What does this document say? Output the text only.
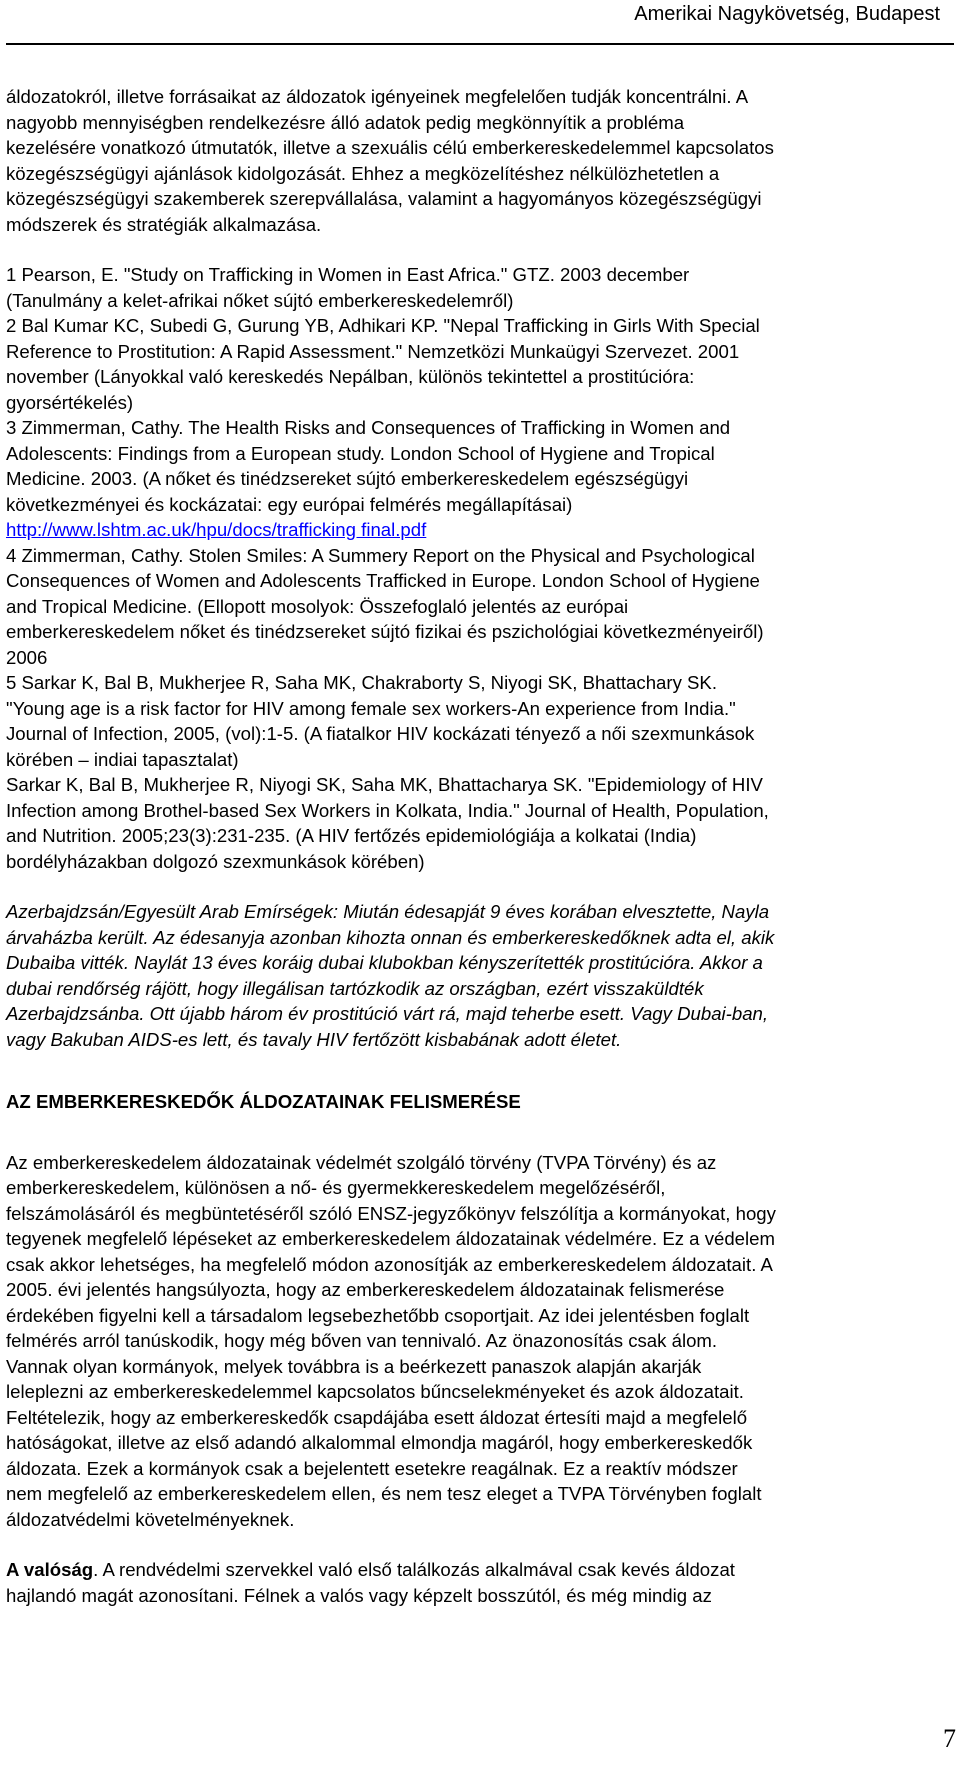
Amerikai Nagykövetség, Budapest

áldozatokról, illetve forrásaikat az áldozatok igényeinek megfelelően tudják koncentrálni. A

nagyobb mennyiségben rendelkezésre álló adatok pedig megkönnyítik a probléma

kezelésére vonatkozó útmutatók, illetve a szexuális célú emberkereskedelemmel kapcsolatos

közegészségügyi ajánlások kidolgozását. Ehhez a megközelítéshez nélkülözhetetlen a

közegészségügyi szakemberek szerepvállalása, valamint a hagyományos közegészségügyi

módszerek és stratégiák alkalmazása.

1 Pearson, E. "Study on Trafficking in Women in East Africa." GTZ. 2003 december

(Tanulmány a kelet-afrikai nőket sújtó emberkereskedelemről)

2 Bal Kumar KC, Subedi G, Gurung YB, Adhikari KP. "Nepal Trafficking in Girls With Special

Reference to Prostitution: A Rapid Assessment." Nemzetközi Munkaügyi Szervezet. 2001

november (Lányokkal való kereskedés Nepálban, különös tekintettel a prostitúcióra:

gyorsértékelés)

3 Zimmerman, Cathy. The Health Risks and Consequences of Trafficking in Women and

Adolescents: Findings from a European study. London School of Hygiene and Tropical

Medicine. 2003. (A nőket és tinédzsereket sújtó emberkereskedelem egészségügyi

következményei és kockázatai: egy európai felmérés megállapításai)

http://www.lshtm.ac.uk/hpu/docs/trafficking final.pdf

4 Zimmerman, Cathy. Stolen Smiles: A Summery Report on the Physical and Psychological

Consequences of Women and Adolescents Trafficked in Europe. London School of Hygiene

and Tropical Medicine. (Ellopott mosolyok: Összefoglaló jelentés az európai

emberkereskedelem nőket és tinédzsereket sújtó fizikai és pszichológiai következményeiről)

2006

5 Sarkar K, Bal B, Mukherjee R, Saha MK, Chakraborty S, Niyogi SK, Bhattachary SK.

"Young age is a risk factor for HIV among female sex workers-An experience from India."

Journal of Infection, 2005, (vol):1-5. (A fiatalkor HIV kockázati tényező a női szexmunkások

körében – indiai tapasztalat)

Sarkar K, Bal B, Mukherjee R, Niyogi SK, Saha MK, Bhattacharya SK. "Epidemiology of HIV

Infection among Brothel-based Sex Workers in Kolkata, India." Journal of Health, Population,

and Nutrition. 2005;23(3):231-235. (A HIV fertőzés epidemiológiája a kolkatai (India)

bordélyházakban dolgozó szexmunkások körében)

Azerbajdzsán/Egyesült Arab Emírségek: Miután édesapját 9 éves korában elvesztette, Nayla

árvaházba került. Az édesanyja azonban kihozta onnan és emberkereskedőknek adta el, akik

Dubaiba vitték. Naylát 13 éves koráig dubai klubokban kényszerítették prostitúcióra. Akkor a

dubai rendőrség rájött, hogy illegálisan tartózkodik az országban, ezért visszaküldték

Azerbajdzsánba. Ott újabb három év prostitúció várt rá, majd teherbe esett. Vagy Dubai-ban,

vagy Bakuban AIDS-es lett, és tavaly HIV fertőzött kisbabának adott életet.

AZ EMBERKERESKEDŐK ÁLDOZATAINAK FELISMERÉSE

Az emberkereskedelem áldozatainak védelmét szolgáló törvény (TVPA Törvény) és az

emberkereskedelem, különösen a nő- és gyermekkereskedelem megelőzéséről,

felszámolásáról és megbüntetéséről szóló ENSZ-jegyzőkönyv felszólítja a kormányokat, hogy

tegyenek megfelelő lépéseket az emberkereskedelem áldozatainak védelmére. Ez a védelem

csak akkor lehetséges, ha megfelelő módon azonosítják az emberkereskedelem áldozatait. A

2005. évi jelentés hangsúlyozta, hogy az emberkereskedelem áldozatainak felismerése

érdekében figyelni kell a társadalom legsebezhetőbb csoportjait. Az idei jelentésben foglalt

felmérés arról tanúskodik, hogy még bőven van tennivaló. Az önazonosítás csak álom.

Vannak olyan kormányok, melyek továbbra is a beérkezett panaszok alapján akarják

leleplezni az emberkereskedelemmel kapcsolatos bűncselekményeket és azok áldozatait.

Feltételezik, hogy az emberkereskedők csapdájába esett áldozat értesíti majd a megfelelő

hatóságokat, illetve az első adandó alkalommal elmondja magáról, hogy emberkereskedők

áldozata. Ezek a kormányok csak a bejelentett esetekre reagálnak. Ez a reaktív módszer

nem megfelelő az emberkereskedelem ellen, és nem tesz eleget a TVPA Törvényben foglalt

áldozatvédelmi követelményeknek.

A valóság. A rendvédelmi szervekkel való első találkozás alkalmával csak kevés áldozat

hajlandó magát azonosítani. Félnek a valós vagy képzelt bosszútól, és még mindig az

7
